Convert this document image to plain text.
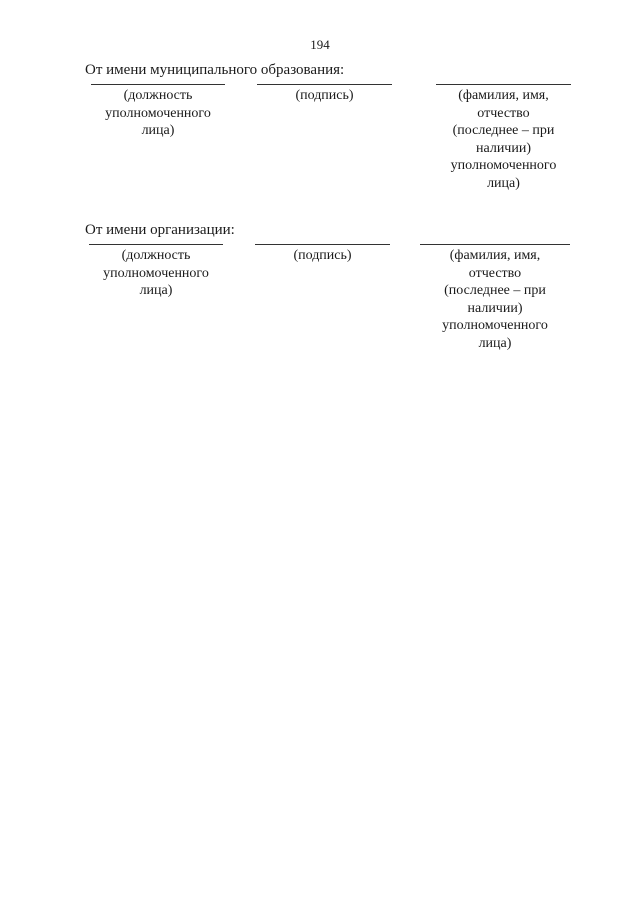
194
От имени муниципального образования:
(должность
уполномоченного
лица)
(подпись)	(фамилия, имя,
отчество
(последнее – при
наличии)
уполномоченного
лица)
От имени организации:
(должность
уполномоченного
лица)
(подпись)	(фамилия, имя,
отчество
(последнее – при
наличии)
уполномоченного
лица)
